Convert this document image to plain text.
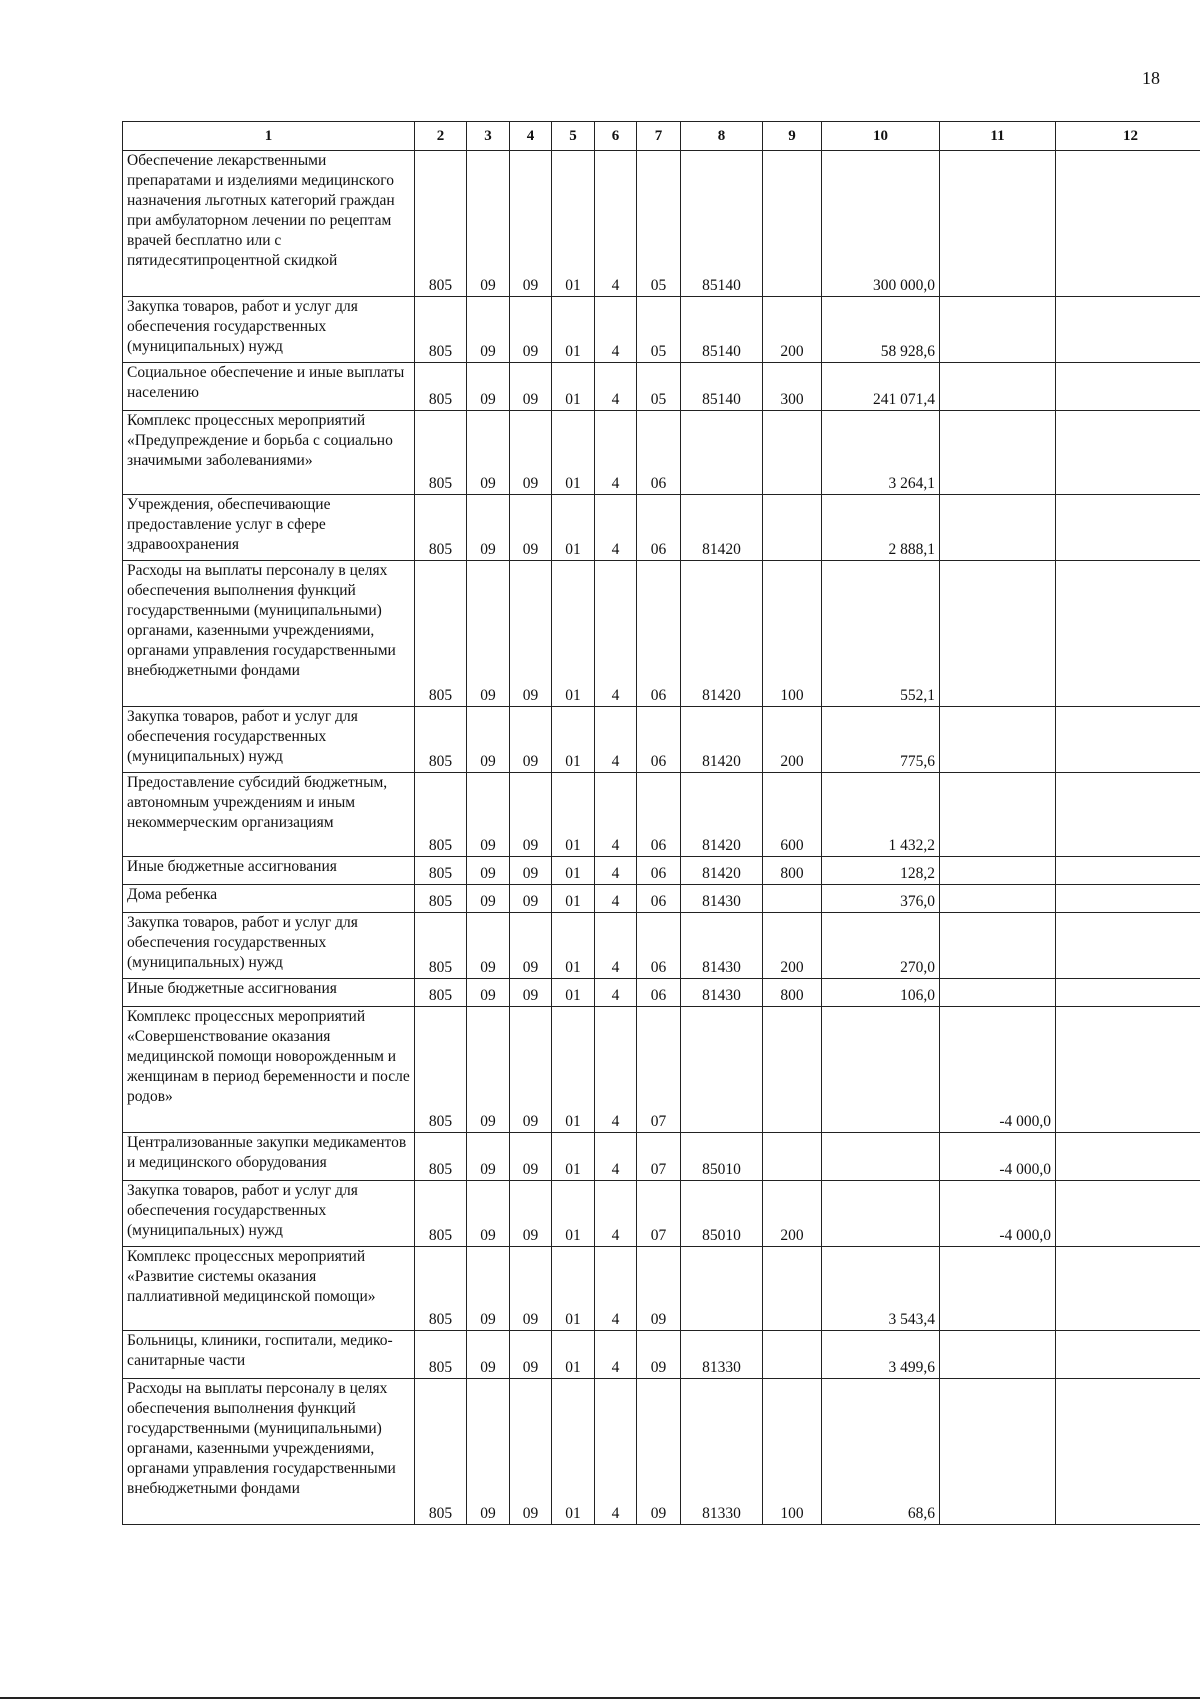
18
1	2	3	4	5	6	7	8	9	10	11	12
Обеспечение лекарственными препаратами и изделиями медицинского назначения льготных категорий граждан при амбулаторном лечении по рецептам врачей бесплатно или с пятидесятипроцентной скидкой	805	09	09	01	4	05	85140		300 000,0		
Закупка товаров, работ и услуг для обеспечения государственных (муниципальных) нужд	805	09	09	01	4	05	85140	200	58 928,6		
Социальное обеспечение и иные выплаты населению	805	09	09	01	4	05	85140	300	241 071,4		
Комплекс процессных мероприятий «Предупреждение и борьба с социально значимыми заболеваниями»	805	09	09	01	4	06			3 264,1		
Учреждения, обеспечивающие предоставление услуг в сфере здравоохранения	805	09	09	01	4	06	81420		2 888,1		
Расходы на выплаты персоналу в целях обеспечения выполнения функций государственными (муниципальными) органами, казенными учреждениями, органами управления государственными внебюджетными фондами	805	09	09	01	4	06	81420	100	552,1		
Закупка товаров, работ и услуг для обеспечения государственных (муниципальных) нужд	805	09	09	01	4	06	81420	200	775,6		
Предоставление субсидий бюджетным, автономным учреждениям и иным некоммерческим организациям	805	09	09	01	4	06	81420	600	1 432,2		
Иные бюджетные ассигнования	805	09	09	01	4	06	81420	800	128,2		
Дома ребенка	805	09	09	01	4	06	81430		376,0		
Закупка товаров, работ и услуг для обеспечения государственных (муниципальных) нужд	805	09	09	01	4	06	81430	200	270,0		
Иные бюджетные ассигнования	805	09	09	01	4	06	81430	800	106,0		
Комплекс процессных мероприятий «Совершенствование оказания медицинской помощи новорожденным и женщинам в период беременности и после родов»	805	09	09	01	4	07				-4 000,0	
Централизованные закупки медикаментов и медицинского оборудования	805	09	09	01	4	07	85010			-4 000,0	
Закупка товаров, работ и услуг для обеспечения государственных (муниципальных) нужд	805	09	09	01	4	07	85010	200		-4 000,0	
Комплекс процессных мероприятий «Развитие системы оказания паллиативной медицинской помощи»	805	09	09	01	4	09			3 543,4		
Больницы, клиники, госпитали, медико-санитарные части	805	09	09	01	4	09	81330		3 499,6		
Расходы на выплаты персоналу в целях обеспечения выполнения функций государственными (муниципальными) органами, казенными учреждениями, органами управления государственными внебюджетными фондами	805	09	09	01	4	09	81330	100	68,6		
